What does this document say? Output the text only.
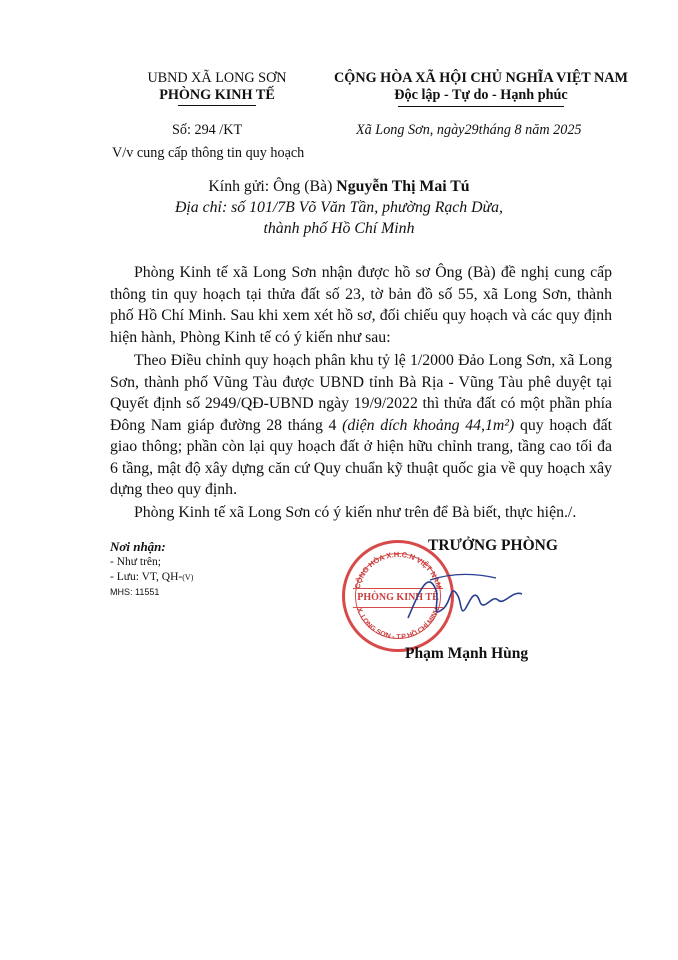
UBND XÃ LONG SƠN
PHÒNG KINH TẾ
CỘNG HÒA XÃ HỘI CHỦ NGHĨA VIỆT NAM
Độc lập - Tự do - Hạnh phúc
Số: 294 /KT
V/v cung cấp thông tin quy hoạch
Xã Long Sơn, ngày29tháng 8 năm 2025
Kính gửi: Ông (Bà) Nguyễn Thị Mai Tú
Địa chỉ: số 101/7B Võ Văn Tần, phường Rạch Dừa,
thành phố Hồ Chí Minh
Phòng Kinh tế xã Long Sơn nhận được hồ sơ Ông (Bà) đề nghị cung cấp thông tin quy hoạch tại thửa đất số 23, tờ bản đồ số 55, xã Long Sơn, thành phố Hồ Chí Minh. Sau khi xem xét hồ sơ, đối chiếu quy hoạch và các quy định hiện hành, Phòng Kinh tế có ý kiến như sau:
Theo Điều chỉnh quy hoạch phân khu tỷ lệ 1/2000 Đảo Long Sơn, xã Long Sơn, thành phố Vũng Tàu được UBND tỉnh Bà Rịa - Vũng Tàu phê duyệt tại Quyết định số 2949/QĐ-UBND ngày 19/9/2022 thì thửa đất có một phần phía Đông Nam giáp đường 28 tháng 4 (diện dích khoảng 44,1m²) quy hoạch đất giao thông; phần còn lại quy hoạch đất ở hiện hữu chỉnh trang, tầng cao tối đa 6 tầng, mật độ xây dựng căn cứ Quy chuẩn kỹ thuật quốc gia về quy hoạch xây dựng theo quy định.
Phòng Kinh tế xã Long Sơn có ý kiến như trên để Bà biết, thực hiện./.
Nơi nhận:
- Như trên;
- Lưu: VT, QH-(V)
MHS: 11551
TRƯỞNG PHÒNG
CỘNG HÒA X.H.C.N VIỆT NAM
X. LONG SƠN - T.P HỒ CHÍ MINH
PHÒNG KINH TẾ
Phạm Mạnh Hùng
